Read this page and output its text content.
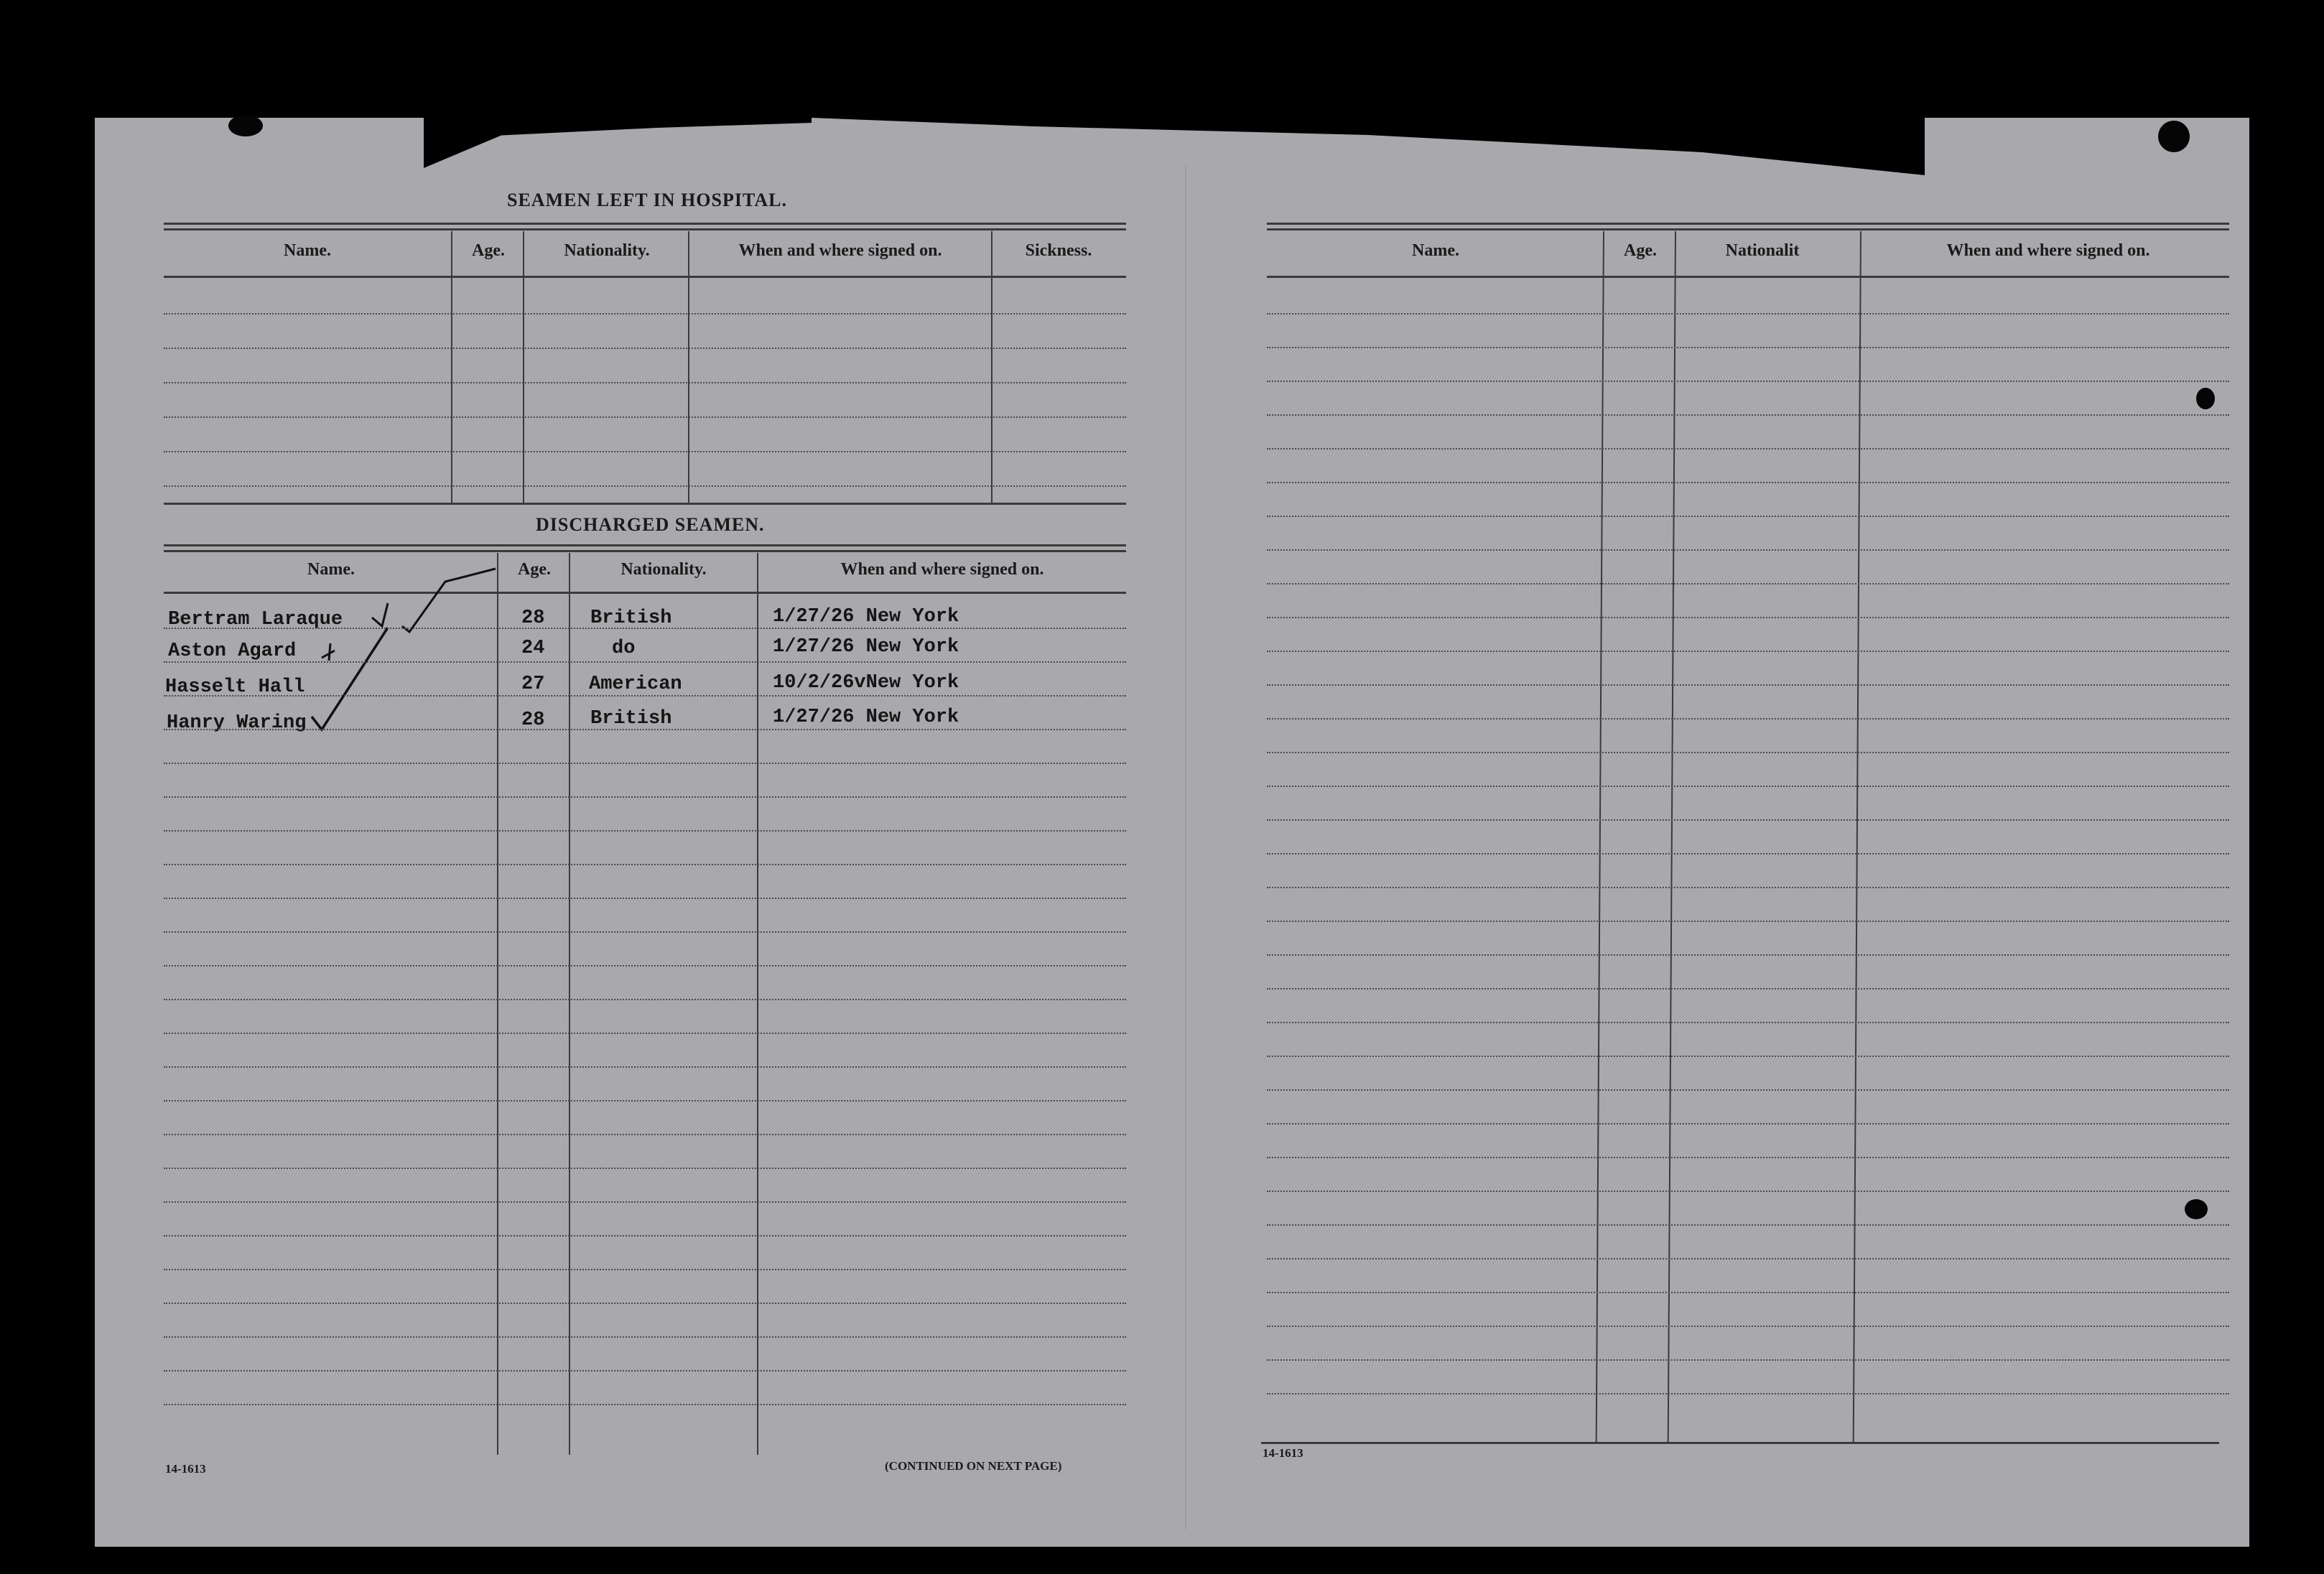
SEAMEN LEFT IN HOSPITAL.
Name.	Age.	Nationality.	When and where signed on.	Sickness.
DISCHARGED SEAMEN.
Name.	Age.	Nationality.	When and where signed on.
Bertram Laraque	28 British	1/27/26 New York
Aston Agard	24	do	1/27/26 New York
Hasselt Hall	27 American	10/2/26vNew York
Hanry Waring	28 British	1/27/26 New York
14-1613	(CONTINUED ON NEXT PAGE)
Name.	Age.	Nationalit	When and where signed on.
14-1613
